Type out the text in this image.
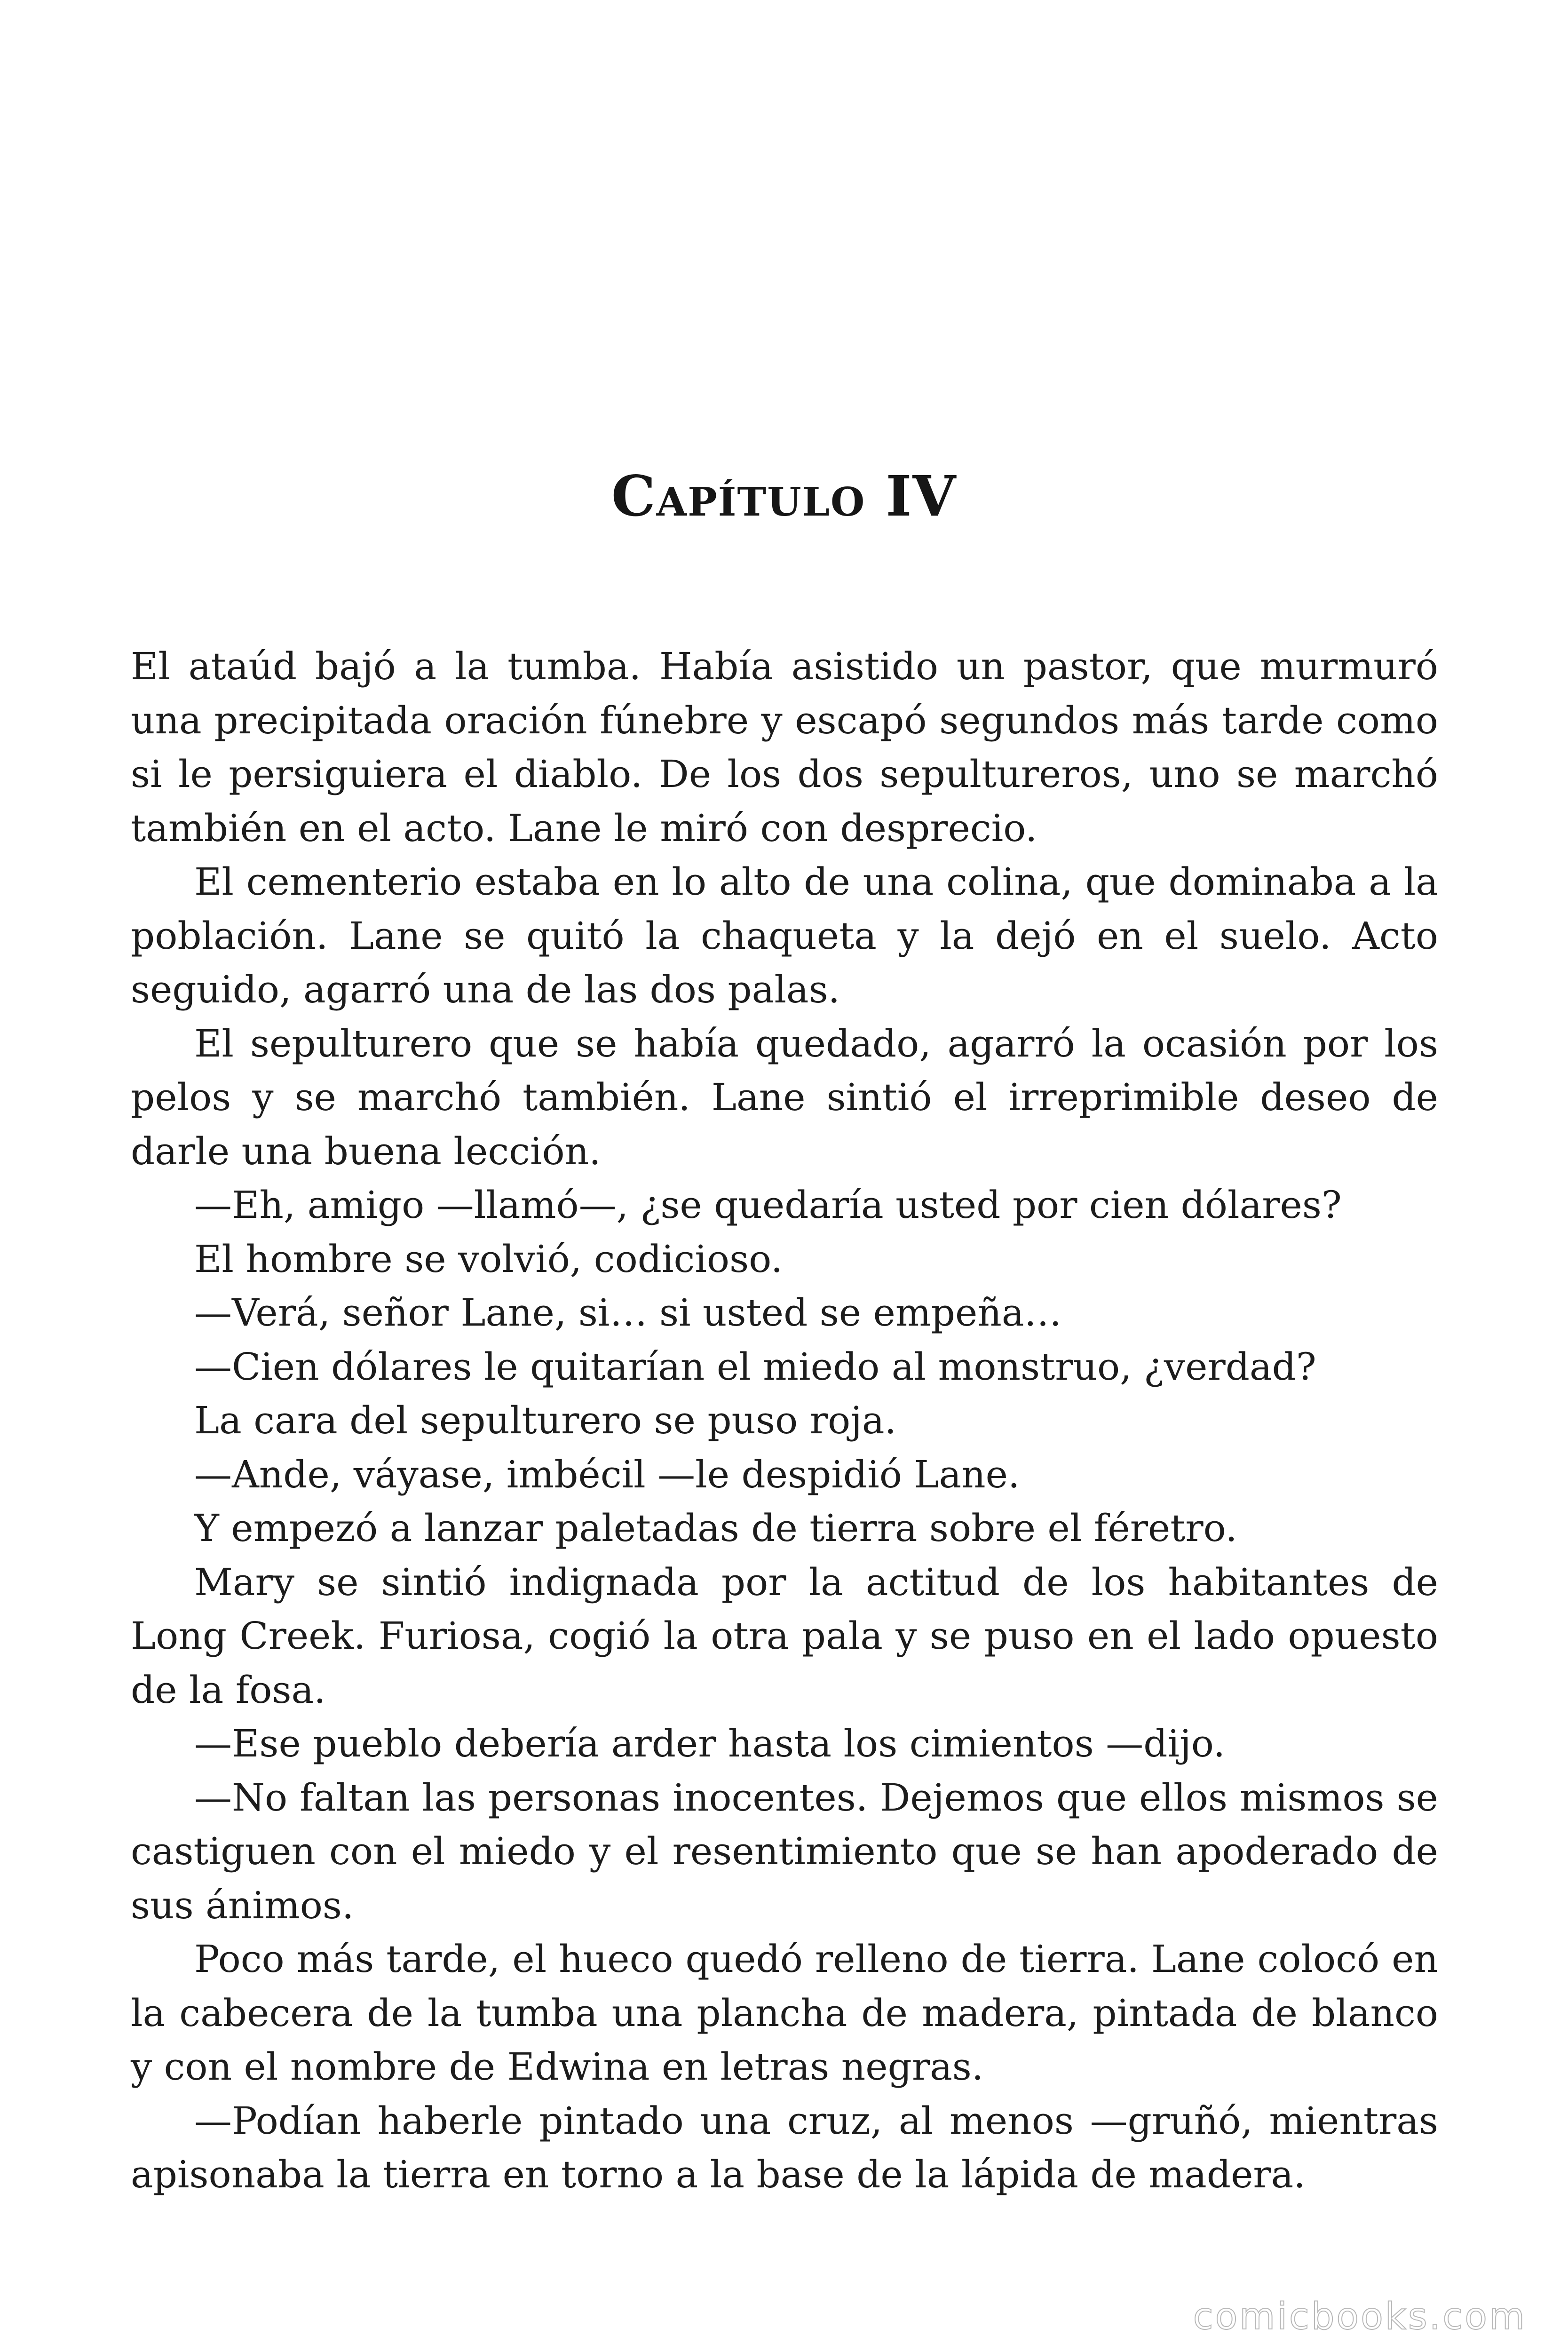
Capítulo IV

El ataúd bajó a la tumba. Había asistido un pastor, que murmuró una precipitada oración fúnebre y escapó segundos más tarde como si le persiguiera el diablo. De los dos sepultureros, uno se marchó también en el acto. Lane le miró con desprecio.

El cementerio estaba en lo alto de una colina, que dominaba a la población. Lane se quitó la chaqueta y la dejó en el suelo. Acto seguido, agarró una de las dos palas.

El sepulturero que se había quedado, agarró la ocasión por los pelos y se marchó también. Lane sintió el irreprimible deseo de darle una buena lección.

—Eh, amigo —llamó—, ¿se quedaría usted por cien dólares?

El hombre se volvió, codicioso.

—Verá, señor Lane, si… si usted se empeña…

—Cien dólares le quitarían el miedo al monstruo, ¿verdad?

La cara del sepulturero se puso roja.

—Ande, váyase, imbécil —le despidió Lane.

Y empezó a lanzar paletadas de tierra sobre el féretro.

Mary se sintió indignada por la actitud de los habitantes de Long Creek. Furiosa, cogió la otra pala y se puso en el lado opuesto de la fosa.

—Ese pueblo debería arder hasta los cimientos —dijo.

—No faltan las personas inocentes. Dejemos que ellos mismos se castiguen con el miedo y el resentimiento que se han apoderado de sus ánimos.

Poco más tarde, el hueco quedó relleno de tierra. Lane colocó en la cabecera de la tumba una plancha de madera, pintada de blanco y con el nombre de Edwina en letras negras.

—Podían haberle pintado una cruz, al menos —gruñó, mientras apisonaba la tierra en torno a la base de la lápida de madera.

comicbooks.com
